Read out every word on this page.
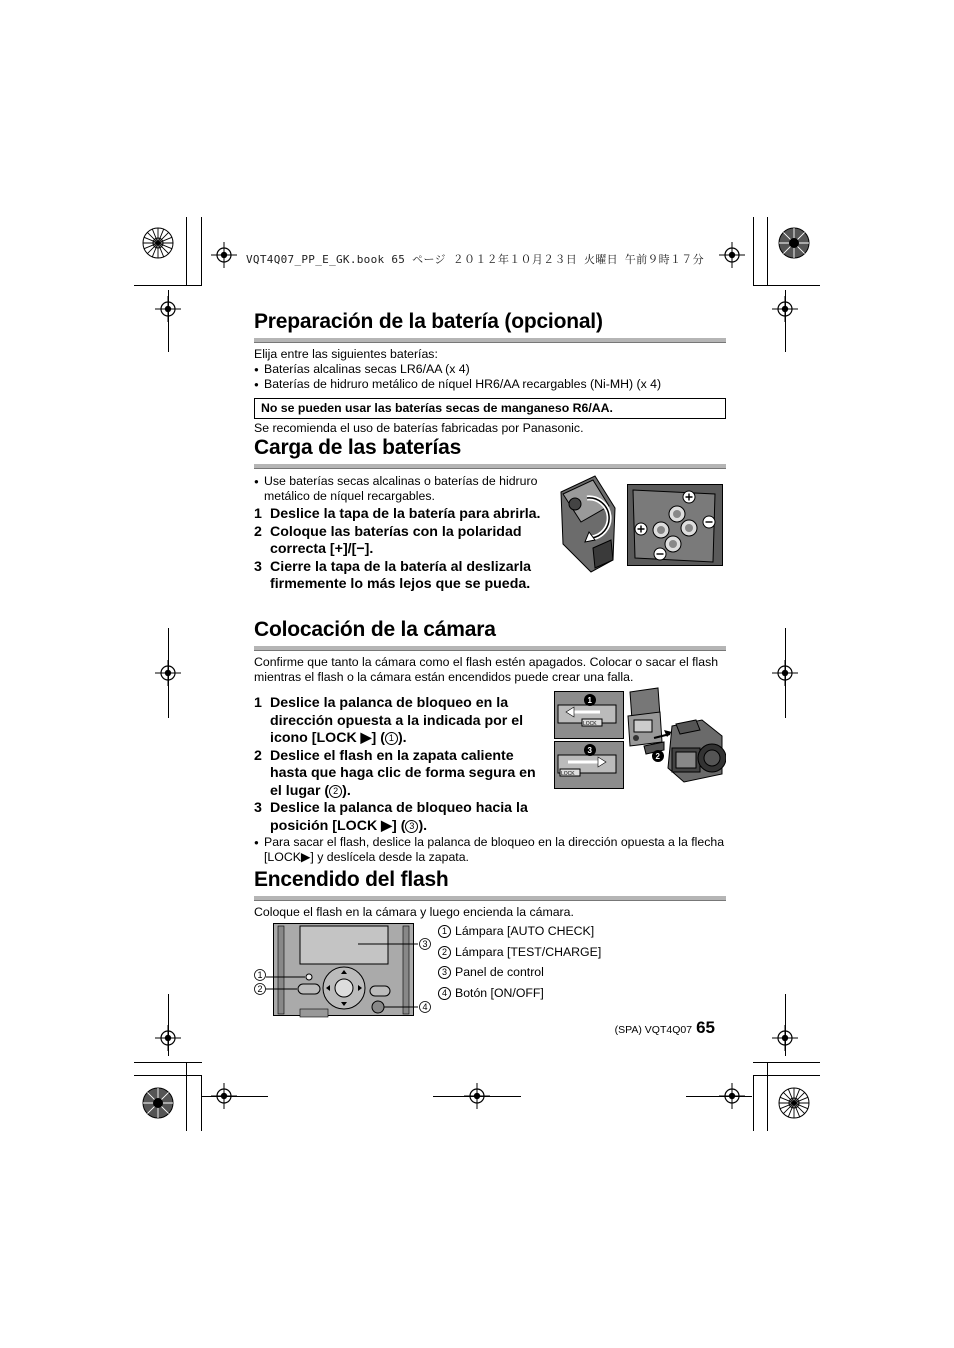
VQT4Q07_PP_E_GK.book 65 ページ ２０１２年１０月２３日 火曜日 午前９時１７分
Preparación de la batería (opcional)
Elija entre las siguientes baterías:
● Baterías alcalinas secas LR6/AA (x 4)
● Baterías de hidruro metálico de níquel HR6/AA recargables (Ni-MH) (x 4)
No se pueden usar las baterías secas de manganeso R6/AA.
Se recomienda el uso de baterías fabricadas por Panasonic.
Carga de las baterías
● Use baterías secas alcalinas o baterías de hidruro metálico de níquel recargables.
1 Deslice la tapa de la batería para abrirla.
2 Coloque las baterías con la polaridad correcta [+]/[−].
3 Cierre la tapa de la batería al deslizarla firmemente lo más lejos que se pueda.
Colocación de la cámara
Confirme que tanto la cámara como el flash estén apagados. Colocar o sacar el flash mientras el flash o la cámara están encendidos puede crear una falla.
1 Deslice la palanca de bloqueo en la dirección opuesta a la indicada por el icono [LOCK ▶] ( 1 ).
2 Deslice el flash en la zapata caliente hasta que haga clic de forma segura en el lugar ( 2 ).
3 Deslice la palanca de bloqueo hacia la posición [LOCK ▶] ( 3 ).
● Para sacar el flash, deslice la palanca de bloqueo en la dirección opuesta a la flecha [LOCK▶] y deslícela desde la zapata.
LOCK
1
LOCK
3
2
Encendido del flash
Coloque el flash en la cámara y luego encienda la cámara.
1
2
3
4
1 Lámpara [AUTO CHECK]
2 Lámpara [TEST/CHARGE]
3 Panel de control
4 Botón [ON/OFF]
(SPA) VQT4Q07 65
